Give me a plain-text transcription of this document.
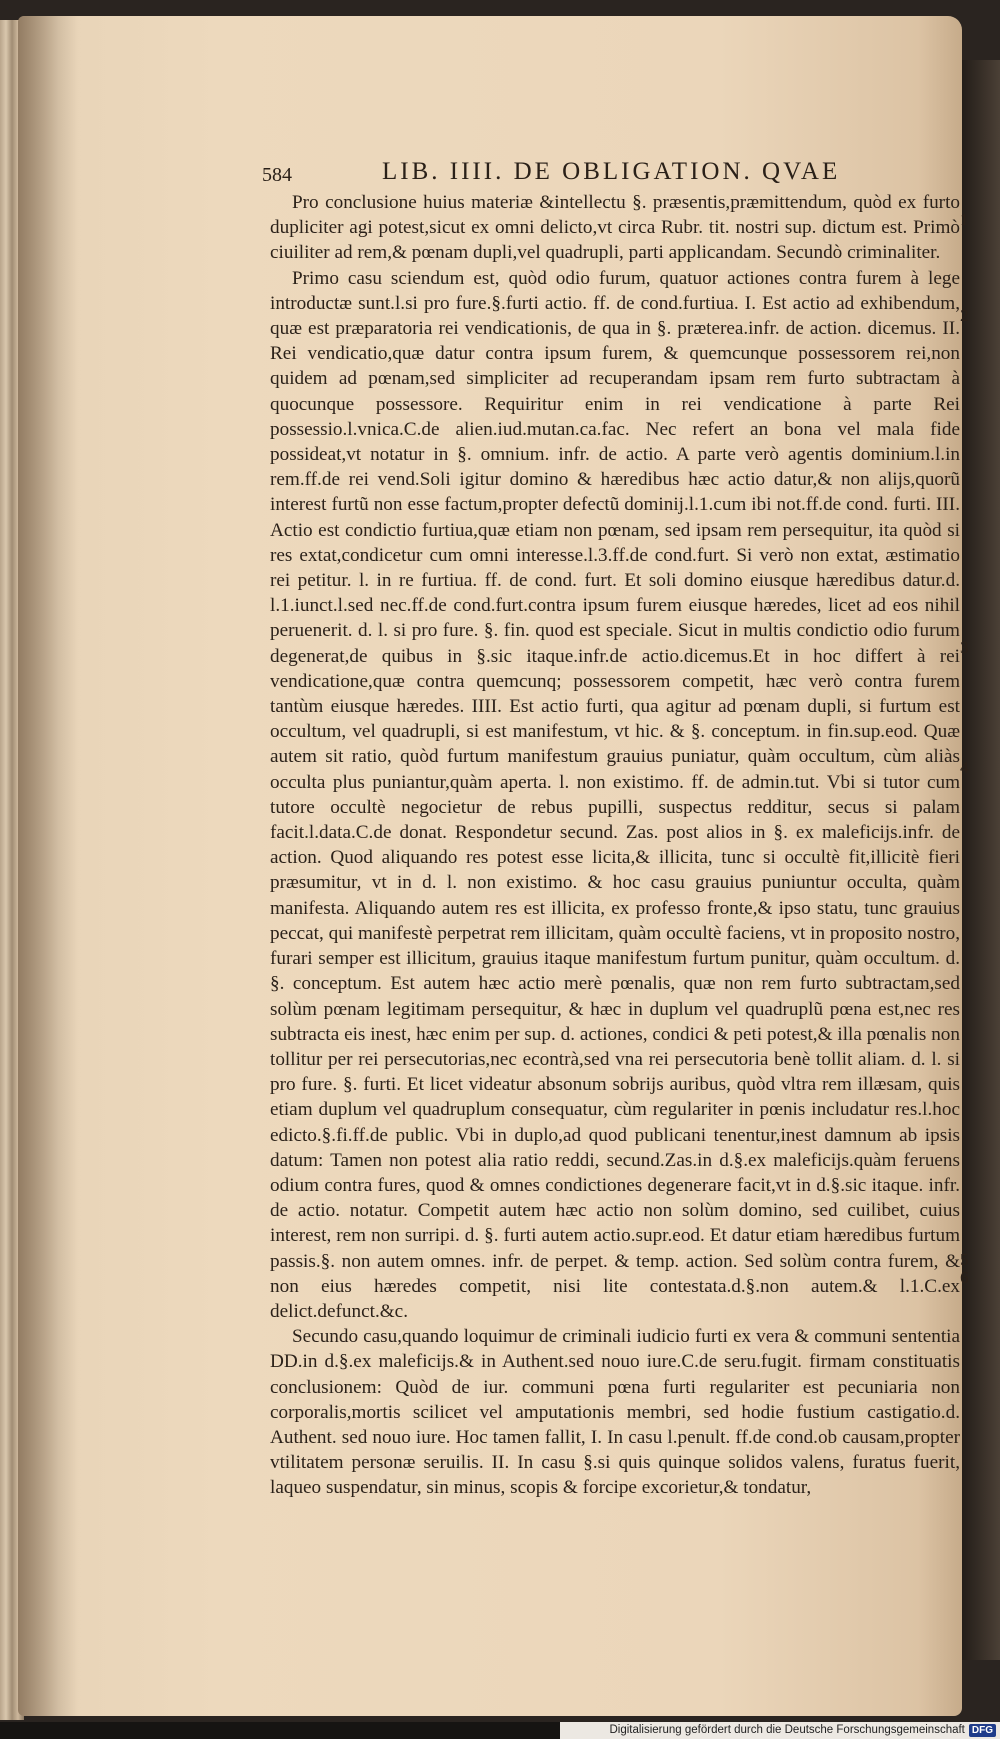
584	LIB. IIII. DE OBLIGATION. QVAE

Pro conclusione huius materiæ &intellectu §. præsentis,præmittendum, quòd ex furto dupliciter agi potest,sicut ex omni delicto,vt circa Rubr. tit. nostri sup. dictum est. Primò ciuiliter ad rem,& pœnam dupli,vel quadrupli, parti applicandam. Secundò criminaliter.

Primo casu sciendum est, quòd odio furum, quatuor actiones contra furem à lege introductæ sunt.l.si pro fure.§.furti actio. ff. de cond.furtiua. I. Est actio ad exhibendum, quæ est præparatoria rei vendicationis, de qua in §. præterea.infr. de action. dicemus. II. Rei vendicatio,quæ datur contra ipsum furem, & quemcunque possessorem rei,non quidem ad pœnam,sed simpliciter ad recuperandam ipsam rem furto subtractam à quocunque possessore. Requiritur enim in rei vendicatione à parte Rei possessio.l.vnica.C.de alien.iud.mutan.ca.fac. Nec refert an bona vel mala fide possideat,vt notatur in §. omnium. infr. de actio. A parte verò agentis dominium.l.in rem.ff.de rei vend.Soli igitur domino & hæredibus hæc actio datur,& non alijs,quorũ interest furtũ non esse factum,propter defectũ dominij.l.1.cum ibi not.ff.de cond. furti. III. Actio est condictio furtiua,quæ etiam non pœnam, sed ipsam rem persequitur, ita quòd si res extat,condicetur cum omni interesse.l.3.ff.de cond.furt. Si verò non extat, æstimatio rei petitur. l. in re furtiua. ff. de cond. furt. Et soli domino eiusque hæredibus datur.d. l.1.iunct.l.sed nec.ff.de cond.furt.contra ipsum furem eiusque hæredes, licet ad eos nihil peruenerit. d. l. si pro fure. §. fin. quod est speciale. Sicut in multis condictio odio furum degenerat,de quibus in §.sic itaque.infr.de actio.dicemus.Et in hoc differt à rei vendicatione,quæ contra quemcunq; possessorem competit, hæc verò contra furem tantùm eiusque hæredes. IIII. Est actio furti, qua agitur ad pœnam dupli, si furtum est occultum, vel quadrupli, si est manifestum, vt hic. & §. conceptum. in fin.sup.eod. Quæ autem sit ratio, quòd furtum manifestum grauius puniatur, quàm occultum, cùm aliàs occulta plus puniantur,quàm aperta. l. non existimo. ff. de admin.tut. Vbi si tutor cum tutore occultè negocietur de rebus pupilli, suspectus redditur, secus si palam facit.l.data.C.de donat. Respondetur secund. Zas. post alios in §. ex maleficijs.infr. de action. Quod aliquando res potest esse licita,& illicita, tunc si occultè fit,illicitè fieri præsumitur, vt in d. l. non existimo. & hoc casu grauius puniuntur occulta, quàm manifesta. Aliquando autem res est illicita, ex professo fronte,& ipso statu, tunc grauius peccat, qui manifestè perpetrat rem illicitam, quàm occultè faciens, vt in proposito nostro, furari semper est illicitum, grauius itaque manifestum furtum punitur, quàm occultum. d. §. conceptum. Est autem hæc actio merè pœnalis, quæ non rem furto subtractam,sed solùm pœnam legitimam persequitur, & hæc in duplum vel quadruplũ pœna est,nec res subtracta eis inest, hæc enim per sup. d. actiones, condici & peti potest,& illa pœnalis non tollitur per rei persecutorias,nec econtrà,sed vna rei persecutoria benè tollit aliam. d. l. si pro fure. §. furti. Et licet videatur absonum sobrijs auribus, quòd vltra rem illæsam, quis etiam duplum vel quadruplum consequatur, cùm regulariter in pœnis includatur res.l.hoc edicto.§.fi.ff.de public. Vbi in duplo,ad quod publicani tenentur,inest damnum ab ipsis datum: Tamen non potest alia ratio reddi, secund.Zas.in d.§.ex maleficijs.quàm feruens odium contra fures, quod & omnes condictiones degenerare facit,vt in d.§.sic itaque. infr. de actio. notatur. Competit autem hæc actio non solùm domino, sed cuilibet, cuius interest, rem non surripi. d. §. furti autem actio.supr.eod. Et datur etiam hæredibus furtum passis.§. non autem omnes. infr. de perpet. & temp. action. Sed solùm contra furem, & non eius hæredes competit, nisi lite contestata.d.§.non autem.& l.1.C.ex delict.defunct.&c.

Secundo casu,quando loquimur de criminali iudicio furti ex vera & communi sententia DD.in d.§.ex maleficijs.& in Authent.sed nouo iure.C.de seru.fugit. firmam constituatis conclusionem: Quòd de iur. communi pœna furti regulariter est pecuniaria non corporalis,mortis scilicet vel amputationis membri, sed hodie fustium castigatio.d. Authent. sed nouo iure. Hoc tamen fallit, I. In casu l.penult. ff.de cond.ob causam,propter vtilitatem personæ seruilis. II. In casu §.si quis quinque solidos valens, furatus fuerit, laqueo suspendatur, sin minus, scopis & forcipe excorietur,& tondatur,

1
2
3
4
5
6
Digitalisierung gefördert durch die Deutsche Forschungsgemeinschaft DFG
